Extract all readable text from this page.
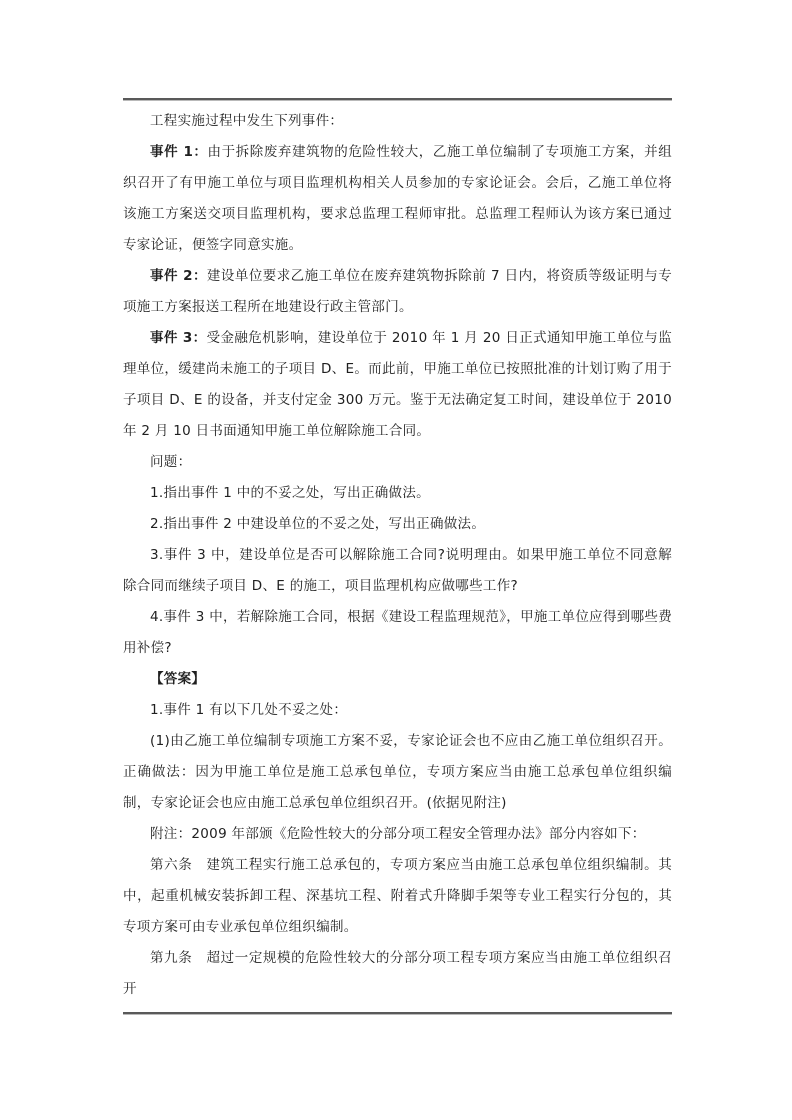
工程实施过程中发生下列事件：

事件 1：由于拆除废弃建筑物的危险性较大，乙施工单位编制了专项施工方案，并组织召开了有甲施工单位与项目监理机构相关人员参加的专家论证会。会后，乙施工单位将该施工方案送交项目监理机构，要求总监理工程师审批。总监理工程师认为该方案已通过专家论证，便签字同意实施。

事件 2：建设单位要求乙施工单位在废弃建筑物拆除前 7 日内，将资质等级证明与专项施工方案报送工程所在地建设行政主管部门。

事件 3：受金融危机影响，建设单位于 2010 年 1 月 20 日正式通知甲施工单位与监理单位，缓建尚未施工的子项目 D、E。而此前，甲施工单位已按照批准的计划订购了用于子项目 D、E 的设备，并支付定金 300 万元。鉴于无法确定复工时间，建设单位于 2010 年 2 月 10 日书面通知甲施工单位解除施工合同。

问题：

1.指出事件 1 中的不妥之处，写出正确做法。

2.指出事件 2 中建设单位的不妥之处，写出正确做法。

3.事件 3 中，建设单位是否可以解除施工合同?说明理由。如果甲施工单位不同意解除合同而继续子项目 D、E 的施工，项目监理机构应做哪些工作?

4.事件 3 中，若解除施工合同，根据《建设工程监理规范》，甲施工单位应得到哪些费用补偿?

【答案】

1.事件 1 有以下几处不妥之处：

(1)由乙施工单位编制专项施工方案不妥，专家论证会也不应由乙施工单位组织召开。正确做法：因为甲施工单位是施工总承包单位，专项方案应当由施工总承包单位组织编制，专家论证会也应由施工总承包单位组织召开。(依据见附注)

附注：2009 年部颁《危险性较大的分部分项工程安全管理办法》部分内容如下：

第六条　建筑工程实行施工总承包的，专项方案应当由施工总承包单位组织编制。其中，起重机械安装拆卸工程、深基坑工程、附着式升降脚手架等专业工程实行分包的，其专项方案可由专业承包单位组织编制。

第九条　超过一定规模的危险性较大的分部分项工程专项方案应当由施工单位组织召开
